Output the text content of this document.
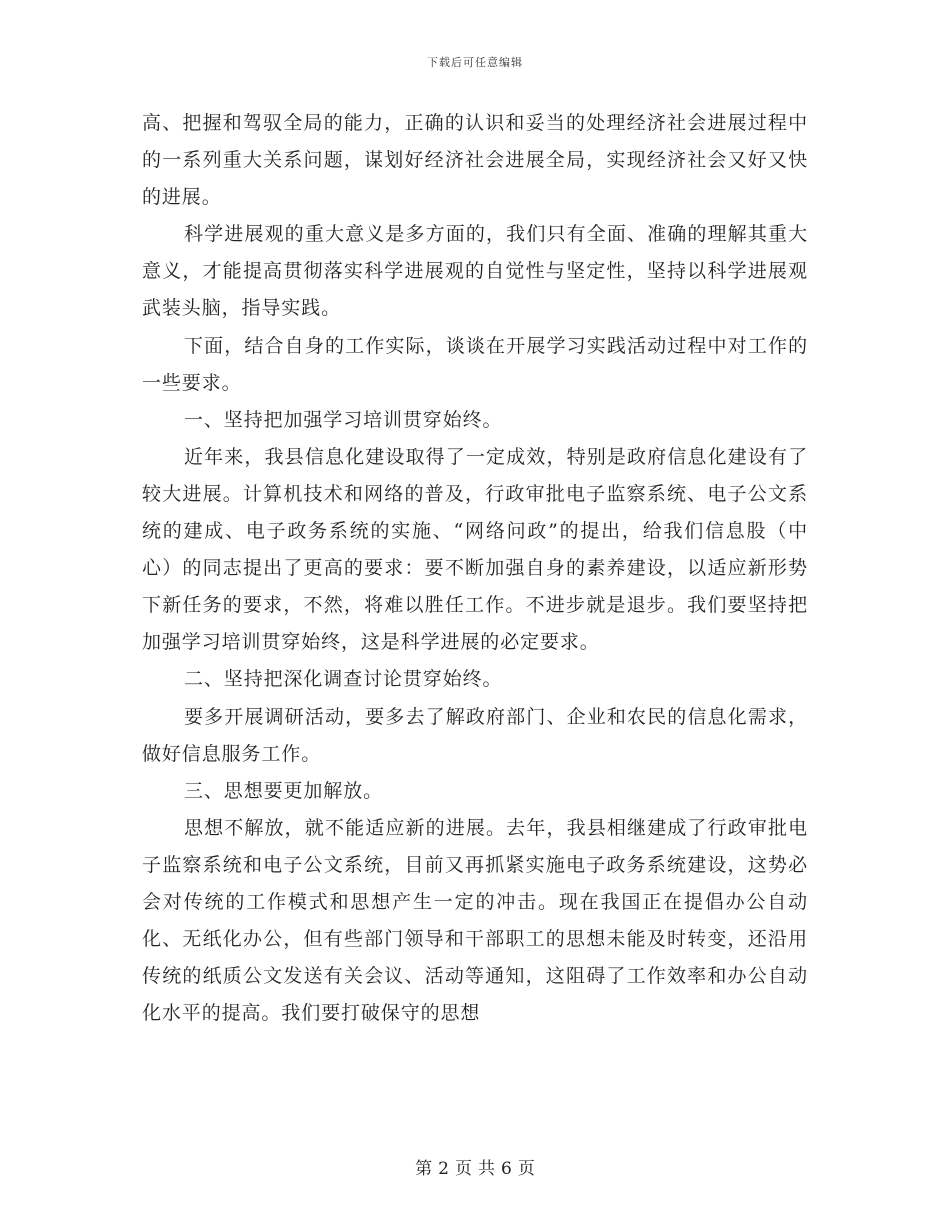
下载后可任意编辑

高、把握和驾驭全局的能力，正确的认识和妥当的处理经济社会进展过程中的一系列重大关系问题，谋划好经济社会进展全局，实现经济社会又好又快的进展。

科学进展观的重大意义是多方面的，我们只有全面、准确的理解其重大意义，才能提高贯彻落实科学进展观的自觉性与坚定性，坚持以科学进展观武装头脑，指导实践。

下面，结合自身的工作实际，谈谈在开展学习实践活动过程中对工作的一些要求。

一、坚持把加强学习培训贯穿始终。

近年来，我县信息化建设取得了一定成效，特别是政府信息化建设有了较大进展。计算机技术和网络的普及，行政审批电子监察系统、电子公文系统的建成、电子政务系统的实施、“网络问政”的提出，给我们信息股（中心）的同志提出了更高的要求：要不断加强自身的素养建设，以适应新形势下新任务的要求，不然，将难以胜任工作。不进步就是退步。我们要坚持把加强学习培训贯穿始终，这是科学进展的必定要求。

二、坚持把深化调查讨论贯穿始终。

要多开展调研活动，要多去了解政府部门、企业和农民的信息化需求，做好信息服务工作。

三、思想要更加解放。

思想不解放，就不能适应新的进展。去年，我县相继建成了行政审批电子监察系统和电子公文系统，目前又再抓紧实施电子政务系统建设，这势必会对传统的工作模式和思想产生一定的冲击。现在我国正在提倡办公自动化、无纸化办公，但有些部门领导和干部职工的思想未能及时转变，还沿用传统的纸质公文发送有关会议、活动等通知，这阻碍了工作效率和办公自动化水平的提高。我们要打破保守的思想

第 2 页 共 6 页
